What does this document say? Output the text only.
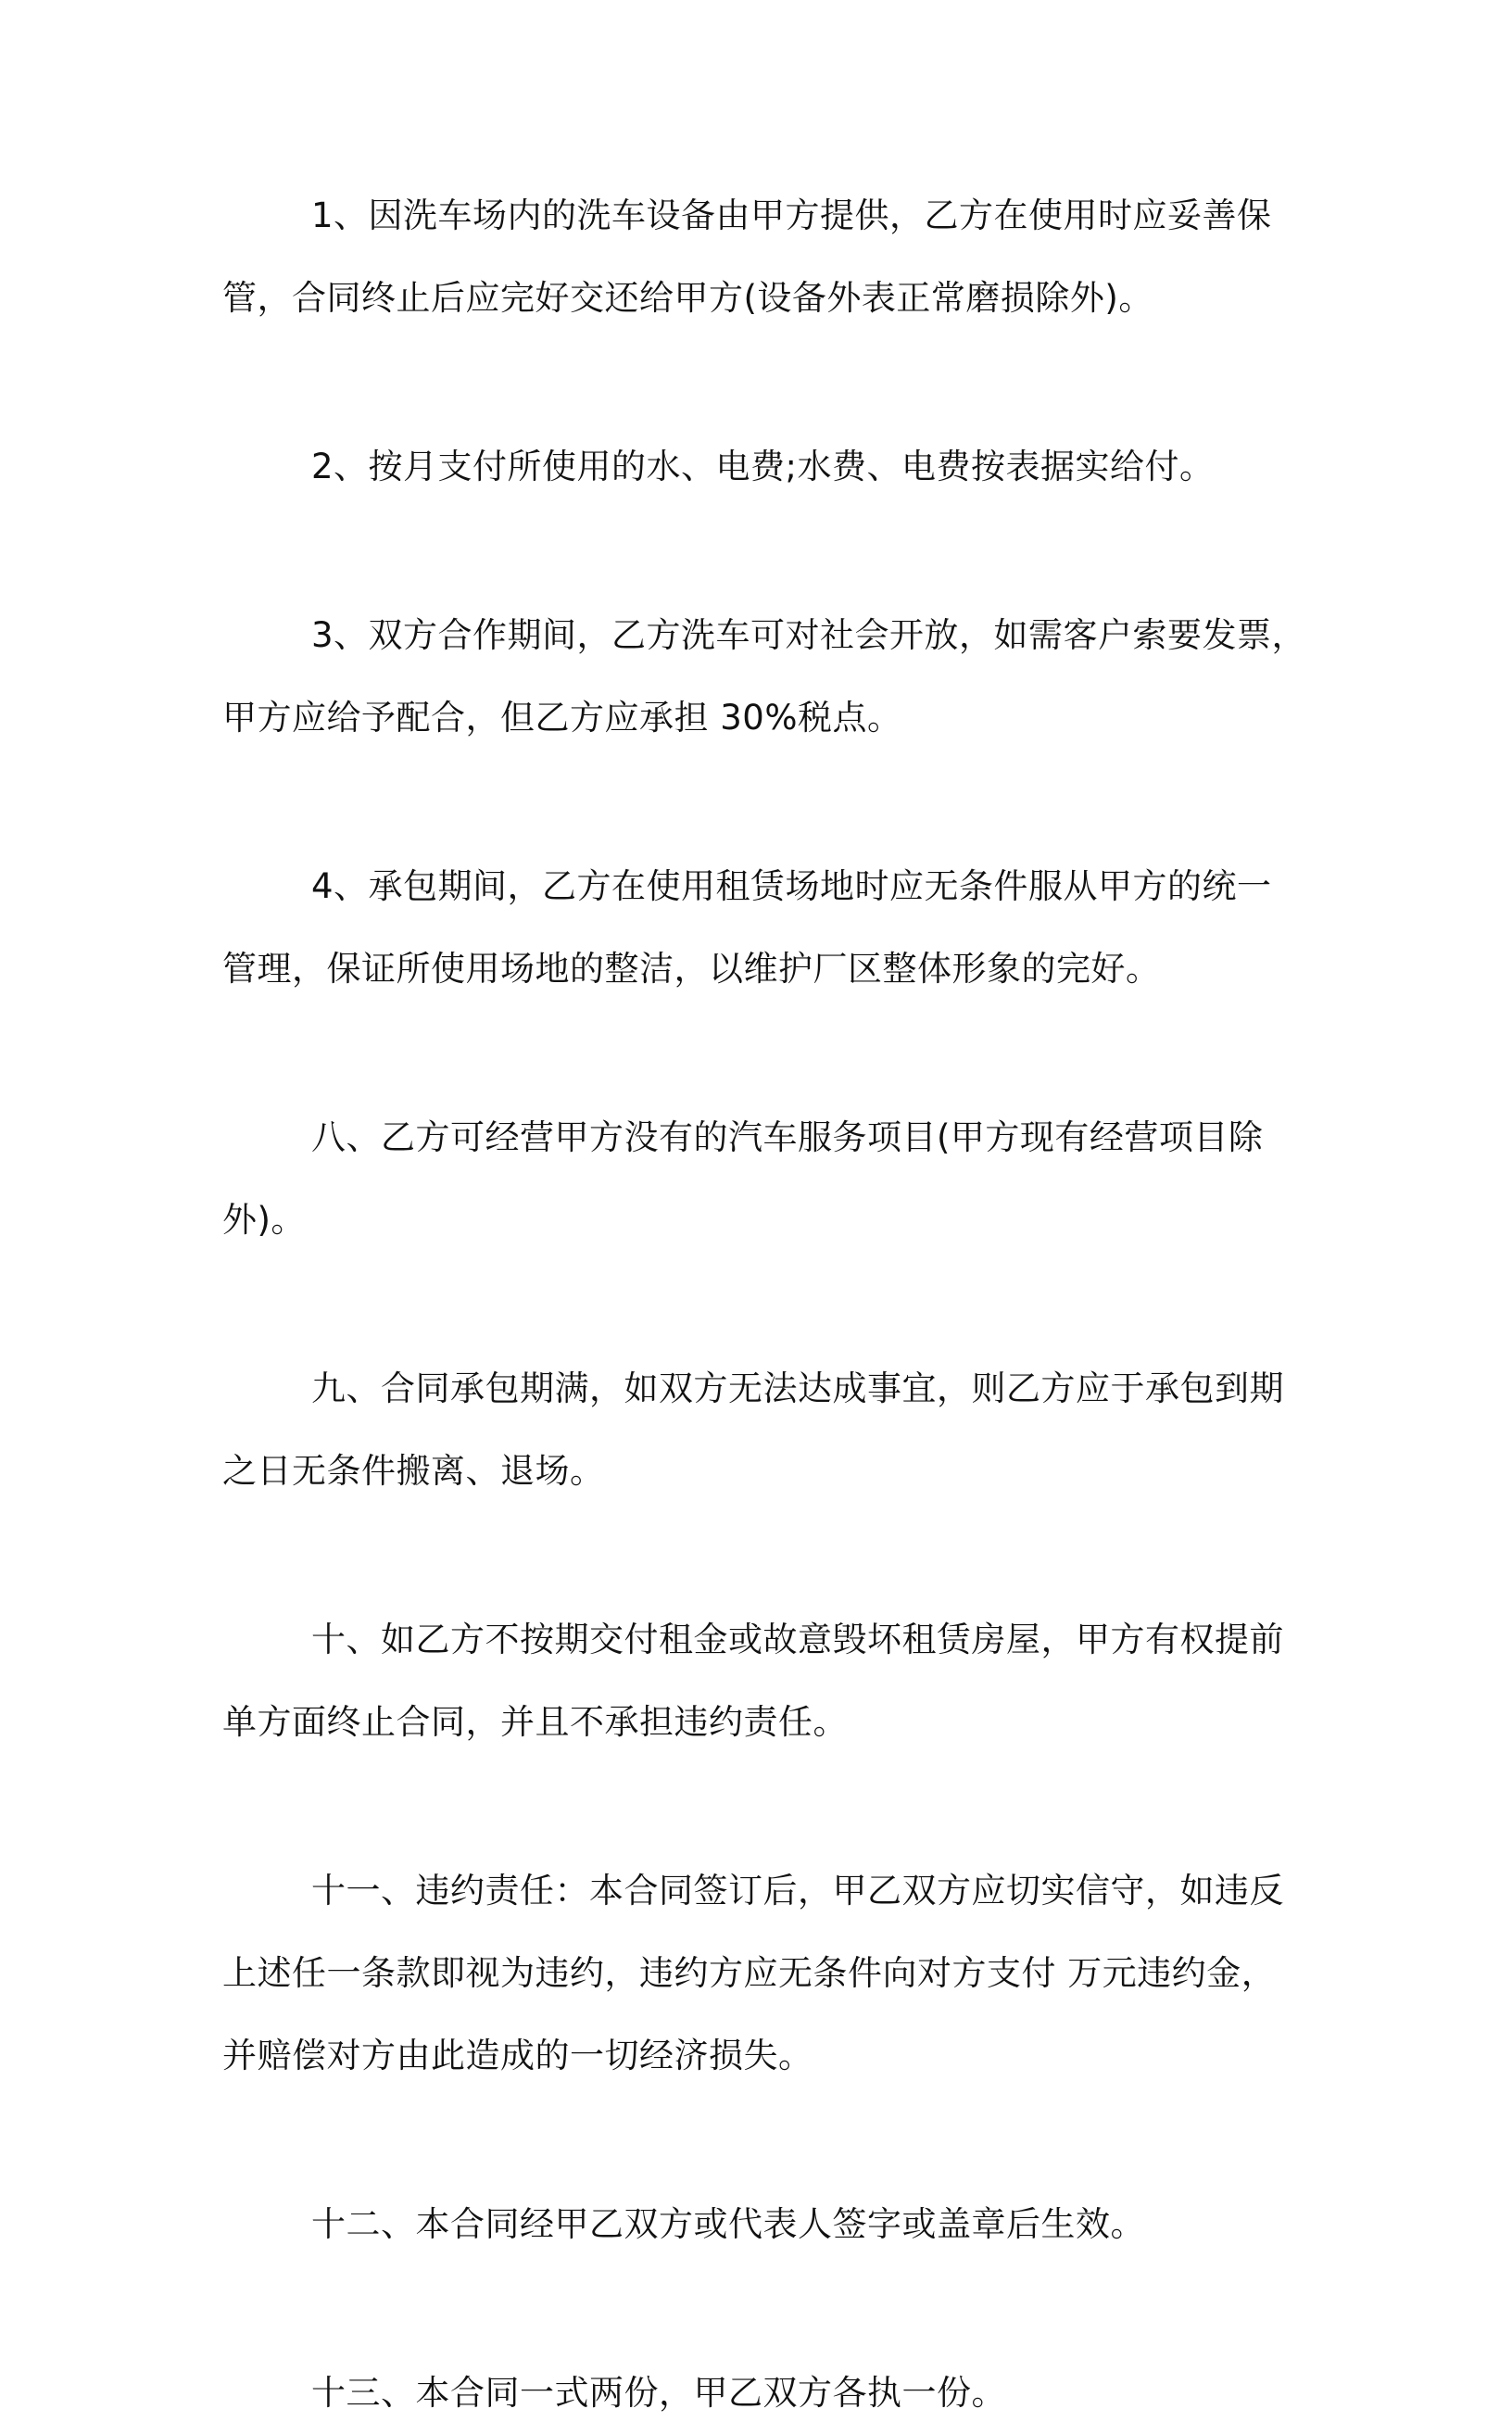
1、因洗车场内的洗车设备由甲方提供，乙方在使用时应妥善保
管，合同终止后应完好交还给甲方(设备外表正常磨损除外)。

2、按月支付所使用的水、电费;水费、电费按表据实给付。

3、双方合作期间，乙方洗车可对社会开放，如需客户索要发票，
甲方应给予配合，但乙方应承担 30%税点。

4、承包期间，乙方在使用租赁场地时应无条件服从甲方的统一
管理，保证所使用场地的整洁，以维护厂区整体形象的完好。

八、乙方可经营甲方没有的汽车服务项目(甲方现有经营项目除
外)。

九、合同承包期满，如双方无法达成事宜，则乙方应于承包到期
之日无条件搬离、退场。

十、如乙方不按期交付租金或故意毁坏租赁房屋，甲方有权提前
单方面终止合同，并且不承担违约责任。

十一、违约责任：本合同签订后，甲乙双方应切实信守，如违反
上述任一条款即视为违约，违约方应无条件向对方支付 万元违约金，
并赔偿对方由此造成的一切经济损失。

十二、本合同经甲乙双方或代表人签字或盖章后生效。

十三、本合同一式两份，甲乙双方各执一份。
